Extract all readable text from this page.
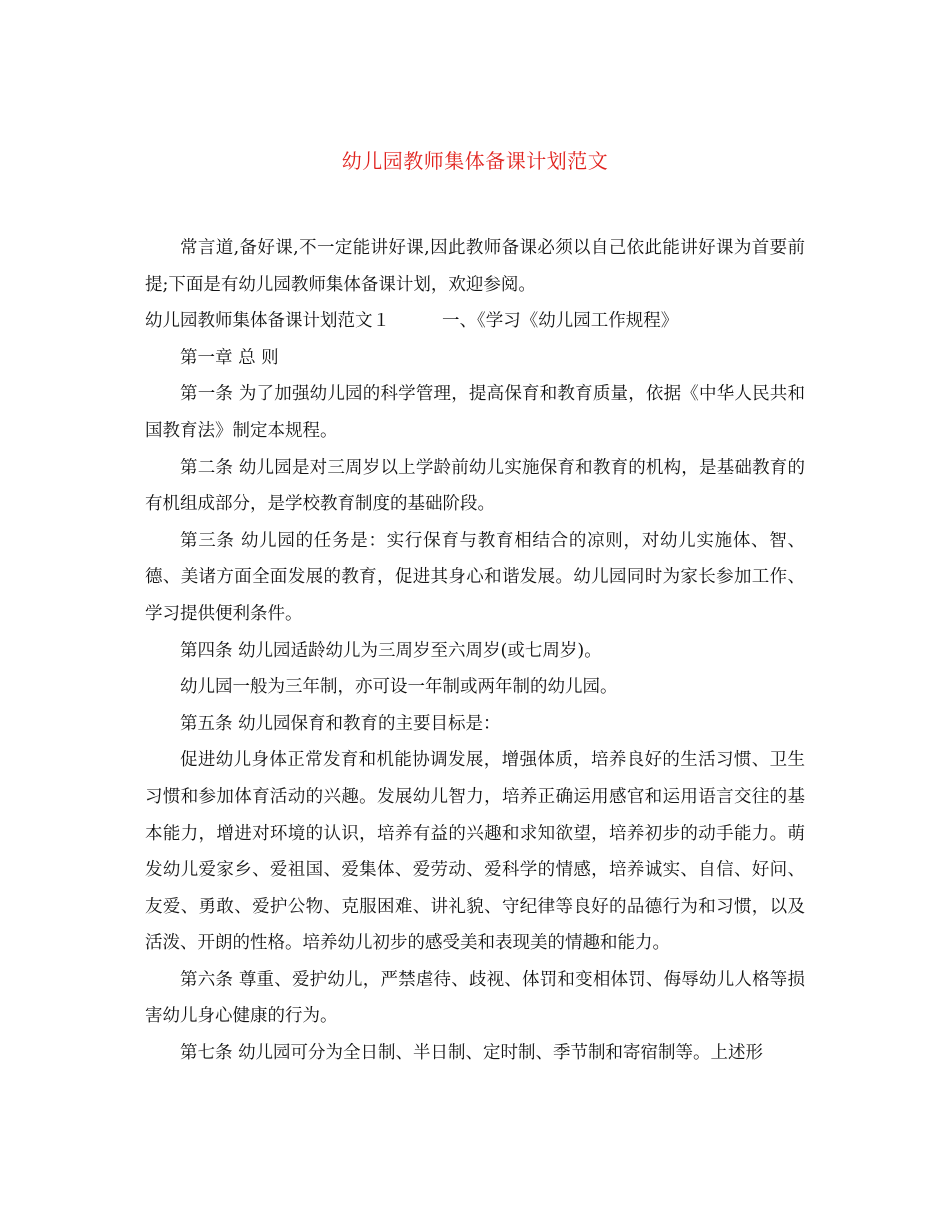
幼儿园教师集体备课计划范文

常言道,备好课,不一定能讲好课,因此教师备课必须以自己依此能讲好课为首要前提;下面是有幼儿园教师集体备课计划，欢迎参阅。

幼儿园教师集体备课计划范文１	一、《学习《幼儿园工作规程》

第一章 总 则

第一条 为了加强幼儿园的科学管理，提高保育和教育质量，依据《中华人民共和国教育法》制定本规程。

第二条 幼儿园是对三周岁以上学龄前幼儿实施保育和教育的机构，是基础教育的有机组成部分，是学校教育制度的基础阶段。

第三条 幼儿园的任务是：实行保育与教育相结合的凉则，对幼儿实施体、智、德、美诸方面全面发展的教育，促进其身心和谐发展。幼儿园同时为家长参加工作、学习提供便利条件。

第四条 幼儿园适龄幼儿为三周岁至六周岁(或七周岁)。

幼儿园一般为三年制，亦可设一年制或两年制的幼儿园。

第五条 幼儿园保育和教育的主要目标是：

促进幼儿身体正常发育和机能协调发展，增强体质，培养良好的生活习惯、卫生习惯和参加体育活动的兴趣。发展幼儿智力，培养正确运用感官和运用语言交往的基本能力，增进对环境的认识，培养有益的兴趣和求知欲望，培养初步的动手能力。萌发幼儿爱家乡、爱祖国、爱集体、爱劳动、爱科学的情感，培养诚实、自信、好问、友爱、勇敢、爱护公物、克服困难、讲礼貌、守纪律等良好的品德行为和习惯，以及活泼、开朗的性格。培养幼儿初步的感受美和表现美的情趣和能力。

第六条 尊重、爱护幼儿，严禁虐待、歧视、体罚和变相体罚、侮辱幼儿人格等损害幼儿身心健康的行为。

第七条 幼儿园可分为全日制、半日制、定时制、季节制和寄宿制等。上述形
